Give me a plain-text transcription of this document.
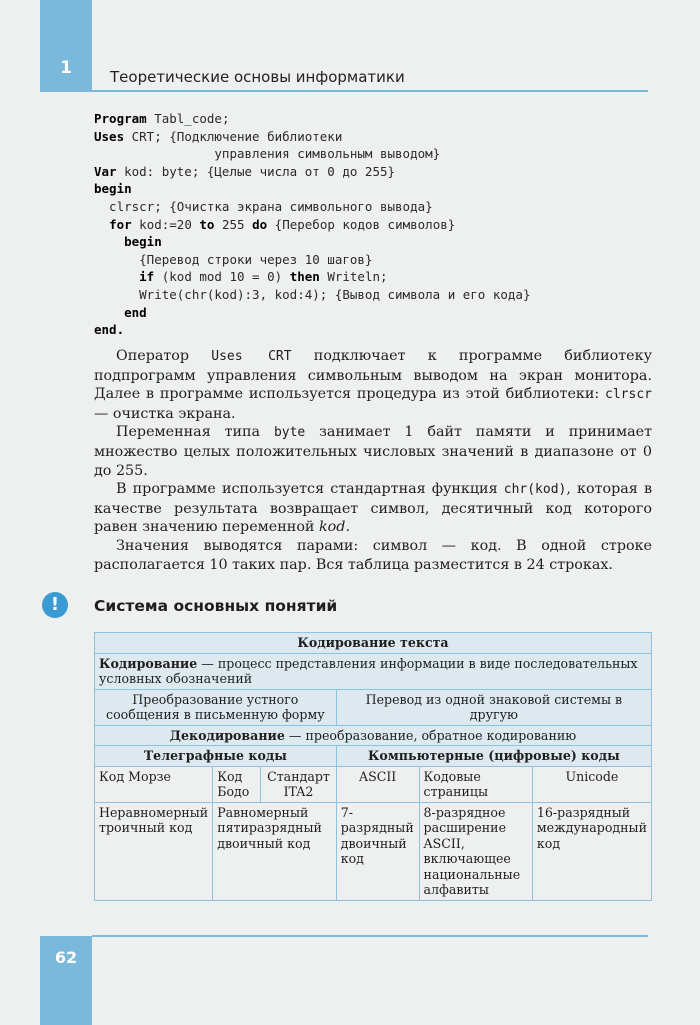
1	Теоретические основы информатики
Program Tabl_code;
Uses CRT; {Подключение библиотеки
управления символьным выводом}
Var kod: byte; {Целые числа от 0 до 255}
begin
clrscr; {Очистка экрана символьного вывода}
for kod:=20 to 255 do {Перебор кодов символов}
begin
{Перевод строки через 10 шагов}
if (kod mod 10 = 0) then Writeln;
Write(chr(kod):3, kod:4); {Вывод символа и его кода}
end
end.

Оператор Uses CRT подключает к программе библиотеку подпрограмм управления символьным выводом на экран монитора. Далее в программе используется процедура из этой библиотеки: clrscr — очистка экрана.

Переменная типа byte занимает 1 байт памяти и принимает множество целых положительных числовых значений в диапазоне от 0 до 255.

В программе используется стандартная функция chr(kod), которая в качестве результата возвращает символ, десятичный код которого равен значению переменной kod.

Значения выводятся парами: символ — код. В одной строке располагается 10 таких пар. Вся таблица разместится в 24 строках.

!	Система основных понятий
Кодирование текста					
Кодирование — процесс представления информации в виде последовательных условных обозначений					
Преобразование устного сообщения в письменную форму			Перевод из одной знаковой системы в другую		
Декодирование — преобразование, обратное кодированию					
Телеграфные коды			Компьютерные (цифровые) коды		
Код Морзе	Код Бодо	Стандарт ITA2	ASCII	Кодовые страницы	Unicode
Неравномерный троичный код	Равномерный пятиразрядный двоичный код		7-разрядный двоичный код	8-разрядное расширение ASCII, включающее национальные алфавиты	16-разрядный международный код
62
